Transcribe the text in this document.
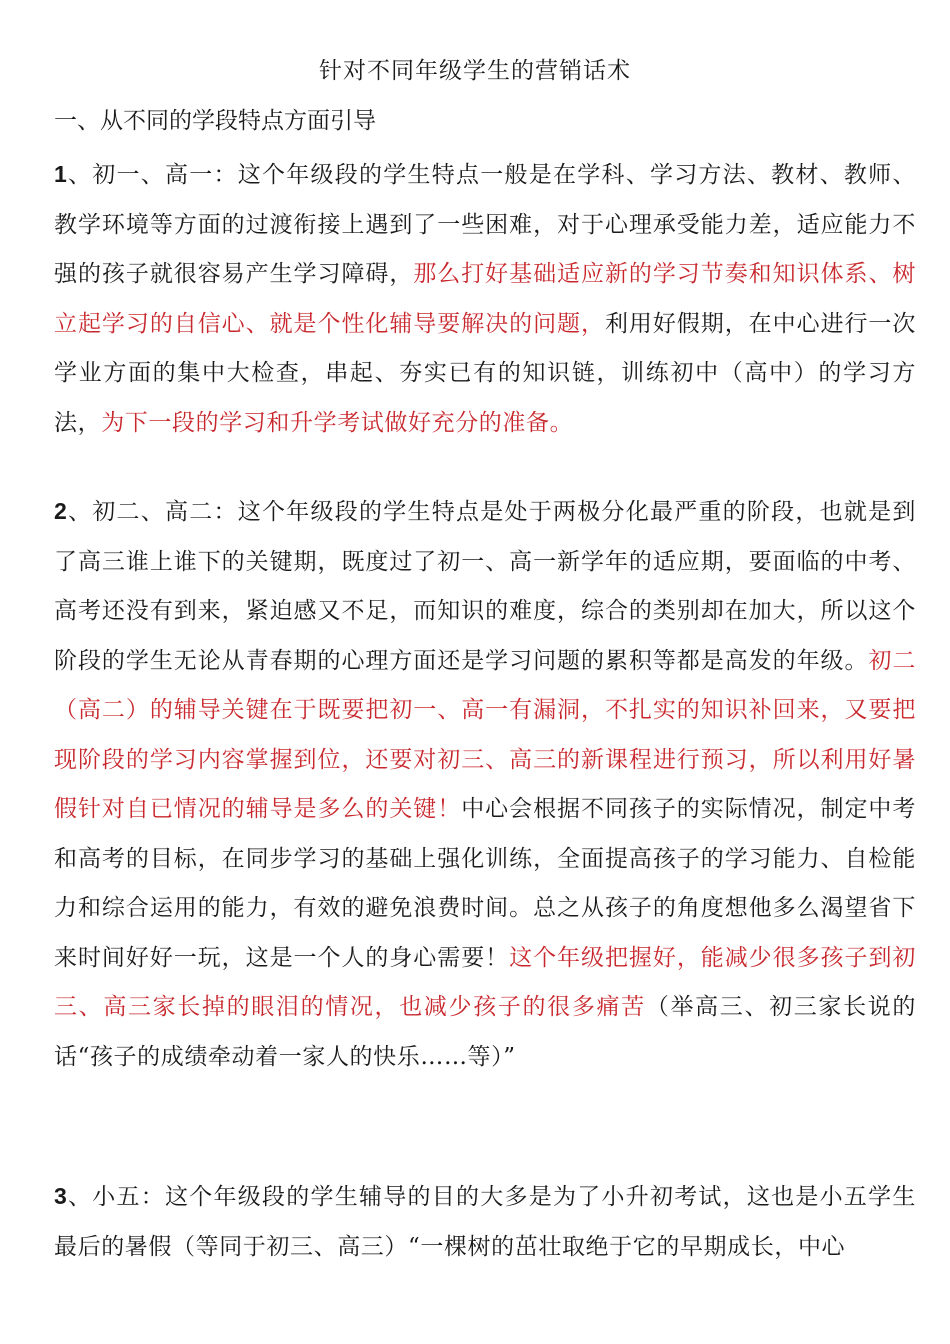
针对不同年级学生的营销话术
一、从不同的学段特点方面引导
1、初一、高一：这个年级段的学生特点一般是在学科、学习方法、教材、教师、教学环境等方面的过渡衔接上遇到了一些困难，对于心理承受能力差，适应能力不强的孩子就很容易产生学习障碍，那么打好基础适应新的学习节奏和知识体系、树立起学习的自信心、就是个性化辅导要解决的问题，利用好假期，在中心进行一次学业方面的集中大检查，串起、夯实已有的知识链，训练初中（高中）的学习方法，为下一段的学习和升学考试做好充分的准备。
2、初二、高二：这个年级段的学生特点是处于两极分化最严重的阶段，也就是到了高三谁上谁下的关键期，既度过了初一、高一新学年的适应期，要面临的中考、高考还没有到来，紧迫感又不足，而知识的难度，综合的类别却在加大，所以这个阶段的学生无论从青春期的心理方面还是学习问题的累积等都是高发的年级。初二（高二）的辅导关键在于既要把初一、高一有漏洞，不扎实的知识补回来，又要把现阶段的学习内容掌握到位，还要对初三、高三的新课程进行预习，所以利用好暑假针对自已情况的辅导是多么的关键！中心会根据不同孩子的实际情况，制定中考和高考的目标，在同步学习的基础上强化训练，全面提高孩子的学习能力、自检能力和综合运用的能力，有效的避免浪费时间。总之从孩子的角度想他多么渴望省下来时间好好一玩，这是一个人的身心需要！这个年级把握好，能减少很多孩子到初三、高三家长掉的眼泪的情况，也减少孩子的很多痛苦（举高三、初三家长说的话“孩子的成绩牵动着一家人的快乐……等）”
3、小五：这个年级段的学生辅导的目的大多是为了小升初考试，这也是小五学生最后的暑假（等同于初三、高三）“一棵树的茁壮取绝于它的早期成长，中心
